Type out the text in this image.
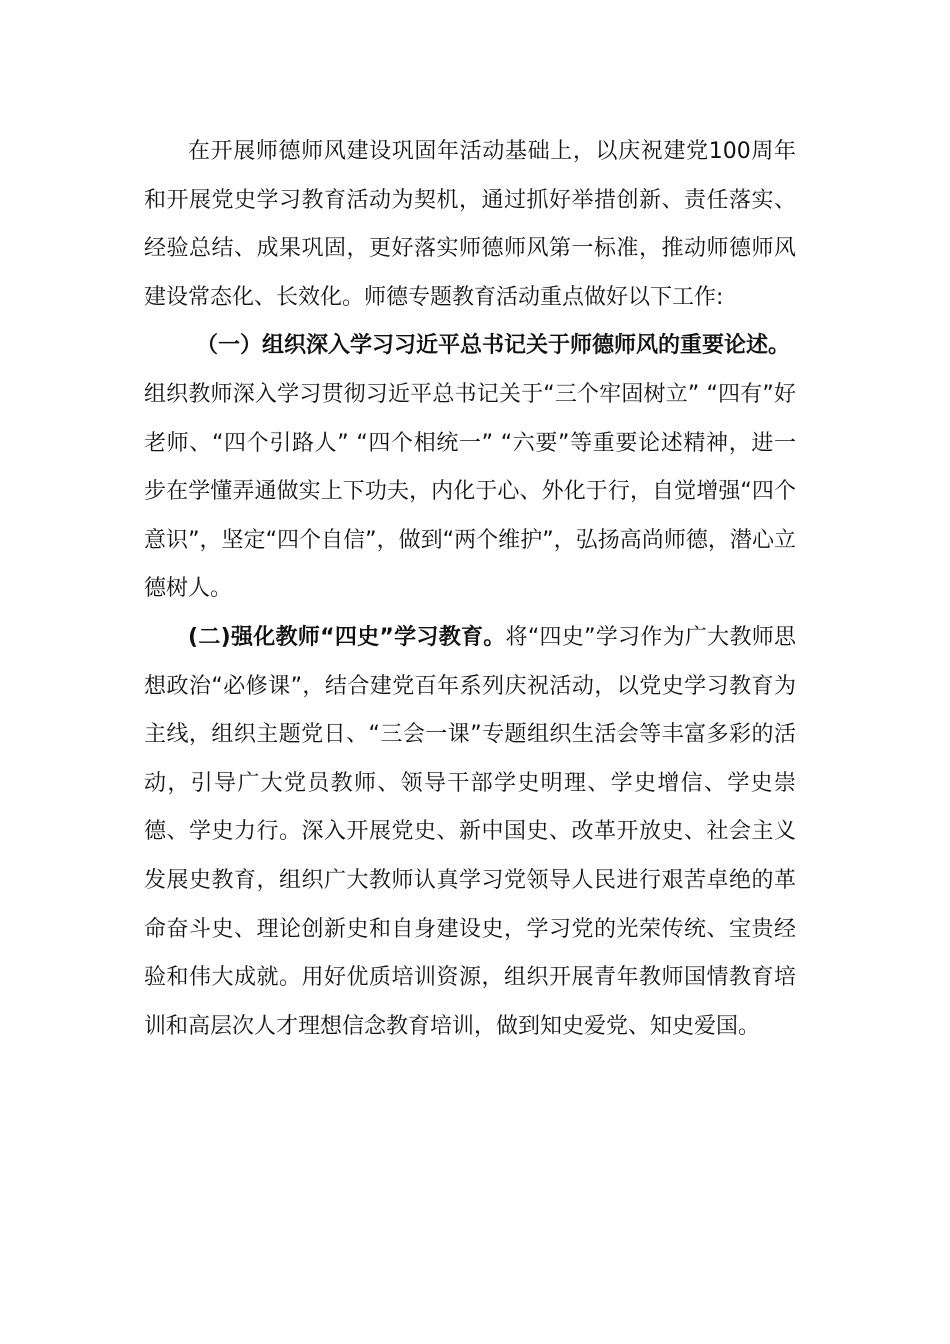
在开展师德师风建设巩固年活动基础上，以庆祝建党100周年和开展党史学习教育活动为契机，通过抓好举措创新、责任落实、经验总结、成果巩固，更好落实师德师风第一标准，推动师德师风建设常态化、长效化。师德专题教育活动重点做好以下工作:

（一）组织深入学习习近平总书记关于师德师风的重要论述。
组织教师深入学习贯彻习近平总书记关于“三个牢固树立” “四有”好老师、“四个引路人” “四个相统一” “六要”等重要论述精神，进一步在学懂弄通做实上下功夫，内化于心、外化于行，自觉增强“四个意识”，坚定“四个自信”，做到“两个维护”，弘扬高尚师德，潜心立德树人。

(二)强化教师“四史”学习教育。将“四史”学习作为广大教师思想政治“必修课”，结合建党百年系列庆祝活动，以党史学习教育为主线，组织主题党日、“三会一课”专题组织生活会等丰富多彩的活动，引导广大党员教师、领导干部学史明理、学史增信、学史崇德、学史力行。深入开展党史、新中国史、改革开放史、社会主义发展史教育，组织广大教师认真学习党领导人民进行艰苦卓绝的革命奋斗史、理论创新史和自身建设史，学习党的光荣传统、宝贵经验和伟大成就。用好优质培训资源，组织开展青年教师国情教育培训和高层次人才理想信念教育培训，做到知史爱党、知史爱国。
